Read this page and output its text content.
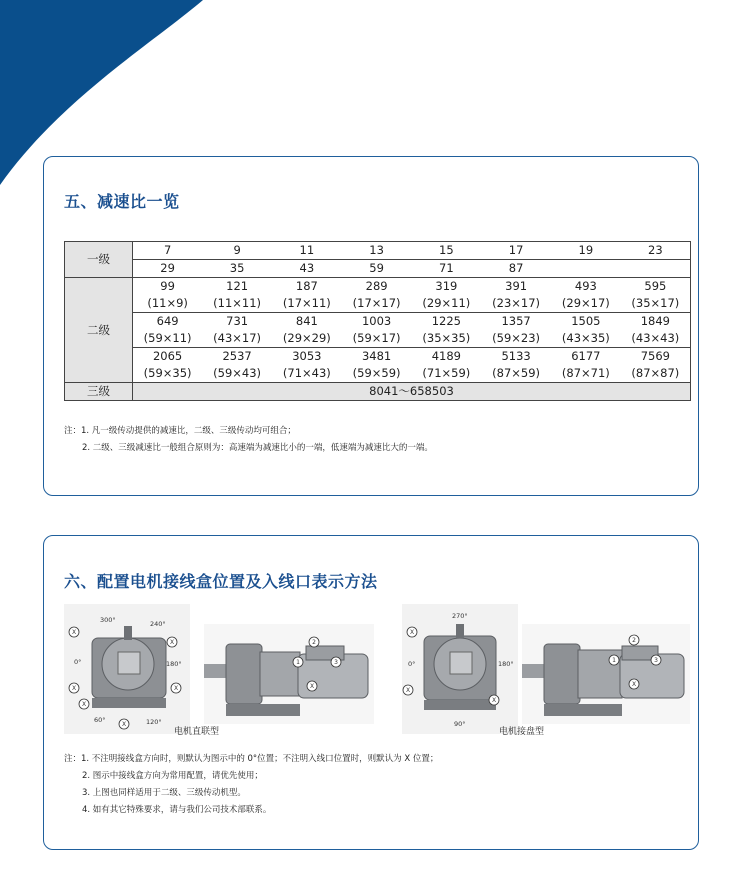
五、减速比一览
一级	7	9	11	13	15	17	19	23
	29	35	43	59	71	87		
二级	99	121	187	289	319	391	493	595
	(11×9)	(11×11)	(17×11)	(17×17)	(29×11)	(23×17)	(29×17)	(35×17)
	649	731	841	1003	1225	1357	1505	1849
	(59×11)	(43×17)	(29×29)	(59×17)	(35×35)	(59×23)	(43×35)	(43×43)
	2065	2537	3053	3481	4189	5133	6177	7569
	(59×35)	(59×43)	(71×43)	(59×59)	(71×59)	(87×59)	(87×71)	(87×87)
三级	8041～658503							
注：1. 凡一级传动提供的减速比，二级、三级传动均可组合；
2. 二级、三级减速比一般组合原则为：高速端为减速比小的一端，低速端为减速比大的一端。
六、配置电机接线盒位置及入线口表示方法
300°	240°
0°	180°
60°	120°
X
X
X	X
X
X
2
1	3
X
电机直联型
270°
0°	180°
90°
X
X
X
2
1	3
X
电机接盘型
注：1. 不注明接线盒方向时，则默认为图示中的 0°位置；不注明入线口位置时，则默认为 X 位置；
2. 图示中接线盒方向为常用配置，请优先使用；
3. 上图也同样适用于二级、三级传动机型。
4. 如有其它特殊要求，请与我们公司技术部联系。
